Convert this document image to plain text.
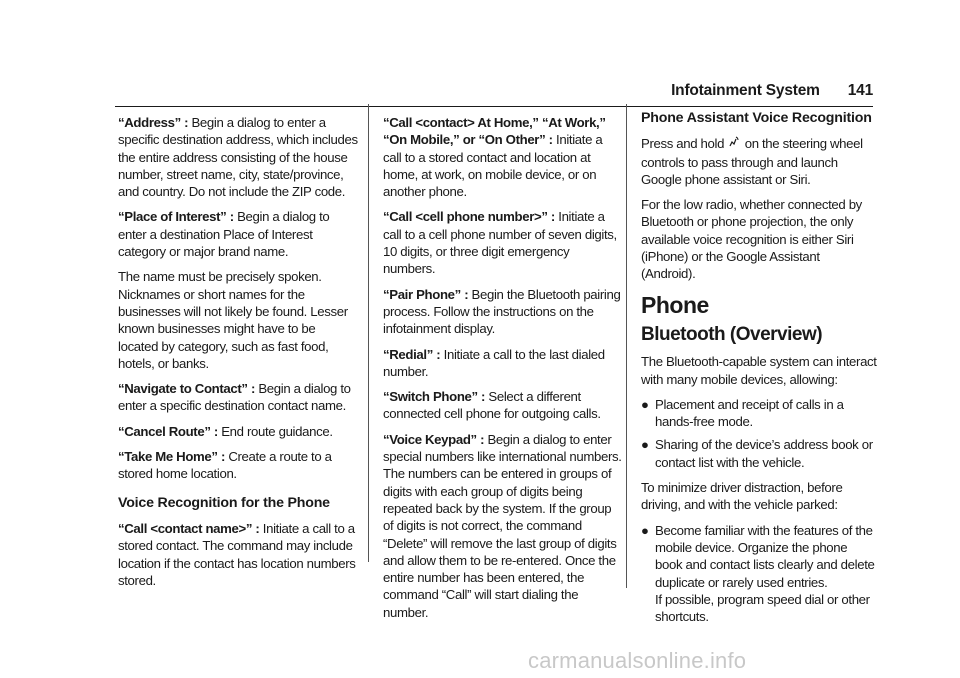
Infotainment System 141

“Address” : Begin a dialog to enter a specific destination address, which includes the entire address consisting of the house number, street name, city, state/province, and country. Do not include the ZIP code.

“Place of Interest” : Begin a dialog to enter a destination Place of Interest category or major brand name.

The name must be precisely spoken. Nicknames or short names for the businesses will not likely be found. Lesser known businesses might have to be located by category, such as fast food, hotels, or banks.

“Navigate to Contact” : Begin a dialog to enter a specific destination contact name.

“Cancel Route” : End route guidance.

“Take Me Home” : Create a route to a stored home location.

Voice Recognition for the Phone

“Call <contact name>” : Initiate a call to a stored contact. The command may include location if the contact has location numbers stored.

“Call <contact> At Home,” “At Work,” “On Mobile,” or “On Other” : Initiate a call to a stored contact and location at home, at work, on mobile device, or on another phone.

“Call <cell phone number>” : Initiate a call to a cell phone number of seven digits, 10 digits, or three digit emergency numbers.

“Pair Phone” : Begin the Bluetooth pairing process. Follow the instructions on the infotainment display.

“Redial” : Initiate a call to the last dialed number.

“Switch Phone” : Select a different connected cell phone for outgoing calls.

“Voice Keypad” : Begin a dialog to enter special numbers like international numbers. The numbers can be entered in groups of digits with each group of digits being repeated back by the system. If the group of digits is not correct, the command “Delete” will remove the last group of digits and allow them to be re-entered. Once the entire number has been entered, the command “Call” will start dialing the number.

Phone Assistant Voice Recognition

Press and hold  on the steering wheel controls to pass through and launch Google phone assistant or Siri.

For the low radio, whether connected by Bluetooth or phone projection, the only available voice recognition is either Siri (iPhone) or the Google Assistant (Android).

Phone
Bluetooth (Overview)

The Bluetooth-capable system can interact with many mobile devices, allowing:

● Placement and receipt of calls in a hands-free mode.
● Sharing of the device’s address book or contact list with the vehicle.

To minimize driver distraction, before driving, and with the vehicle parked:

● Become familiar with the features of the mobile device. Organize the phone book and contact lists clearly and delete duplicate or rarely used entries.
If possible, program speed dial or other shortcuts.
carmanualsonline.info
